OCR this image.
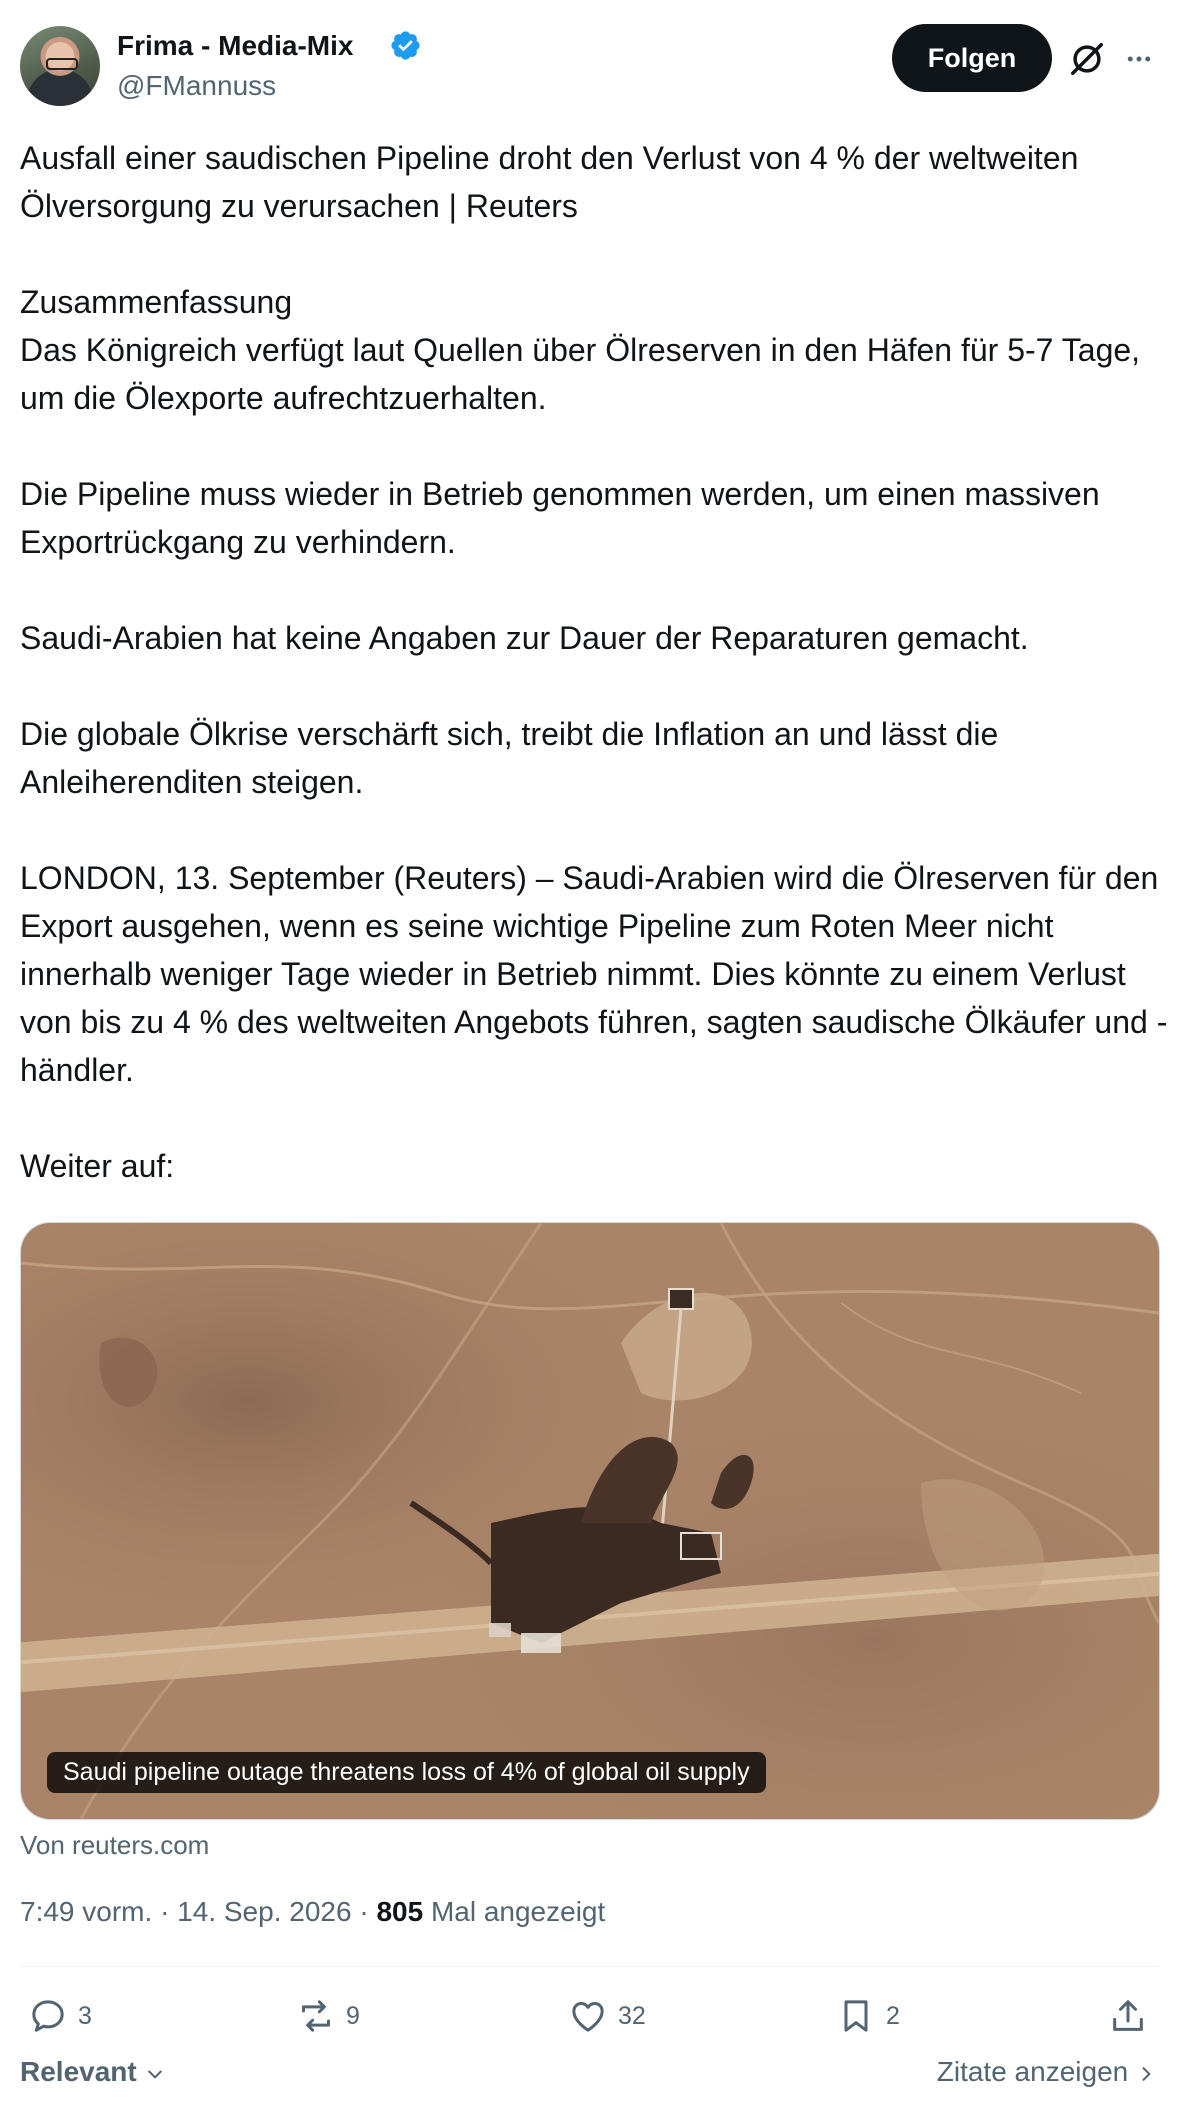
Frima - Media-Mix
@FMannuss
Folgen
Ausfall einer saudischen Pipeline droht den Verlust von 4 % der weltweiten Ölversorgung zu verursachen | Reuters

Zusammenfassung
Das Königreich verfügt laut Quellen über Ölreserven in den Häfen für 5-7 Tage, um die Ölexporte aufrechtzuerhalten.

Die Pipeline muss wieder in Betrieb genommen werden, um einen massiven Exportrückgang zu verhindern.

Saudi-Arabien hat keine Angaben zur Dauer der Reparaturen gemacht.

Die globale Ölkrise verschärft sich, treibt die Inflation an und lässt die Anleiherenditen steigen.

LONDON, 13. September (Reuters) – Saudi-Arabien wird die Ölreserven für den Export ausgehen, wenn es seine wichtige Pipeline zum Roten Meer nicht innerhalb weniger Tage wieder in Betrieb nimmt. Dies könnte zu einem Verlust von bis zu 4 % des weltweiten Angebots führen, sagten saudische Ölkäufer und -händler.

Weiter auf:
Saudi pipeline outage threatens loss of 4% of global oil supply
Von reuters.com
7:49 vorm. · 14. Sep. 2026 · 805 Mal angezeigt
3	9	32	2
Relevant	Zitate anzeigen
